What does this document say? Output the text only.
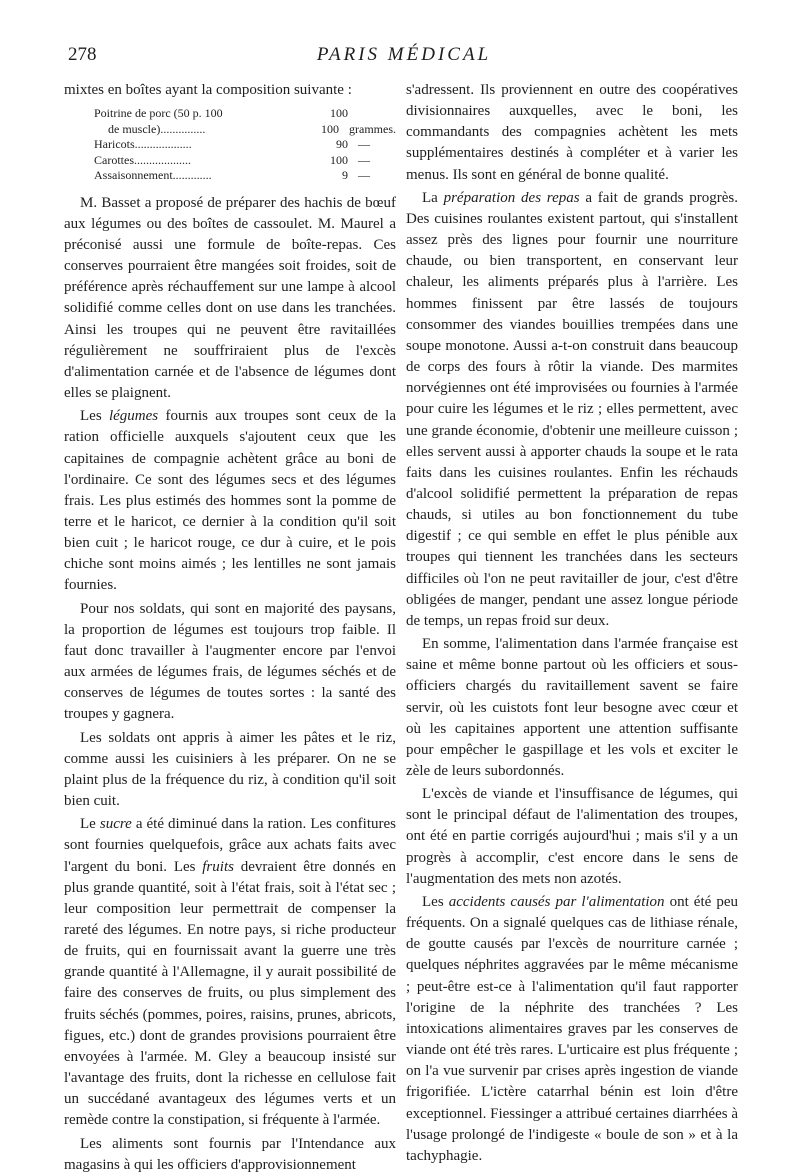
278	PARIS MÉDICAL

mixtes en boîtes ayant la composition suivante :

Poitrine de porc (50 p. 100	100
de muscle)...............	100 grammes.
Haricots...................	90 —
Carottes...................	100 —
Assaisonnement.............	9 —

M. Basset a proposé de préparer des hachis de bœuf aux légumes ou des boîtes de cassoulet. M. Maurel a préconisé aussi une formule de boîte-repas. Ces conserves pourraient être mangées soit froides, soit de préférence après réchauffement sur une lampe à alcool solidifié comme celles dont on use dans les tranchées. Ainsi les troupes qui ne peuvent être ravitaillées régulièrement ne souffriraient plus de l'excès d'alimentation carnée et de l'absence de légumes dont elles se plaignent.

Les légumes fournis aux troupes sont ceux de la ration officielle auxquels s'ajoutent ceux que les capitaines de compagnie achètent grâce au boni de l'ordinaire. Ce sont des légumes secs et des légumes frais. Les plus estimés des hommes sont la pomme de terre et le haricot, ce dernier à la condition qu'il soit bien cuit ; le haricot rouge, ce dur à cuire, et le pois chiche sont moins aimés ; les lentilles ne sont jamais fournies.

Pour nos soldats, qui sont en majorité des paysans, la proportion de légumes est toujours trop faible. Il faut donc travailler à l'augmenter encore par l'envoi aux armées de légumes frais, de légumes séchés et de conserves de légumes de toutes sortes : la santé des troupes y gagnera.

Les soldats ont appris à aimer les pâtes et le riz, comme aussi les cuisiniers à les préparer. On ne se plaint plus de la fréquence du riz, à condition qu'il soit bien cuit.

Le sucre a été diminué dans la ration. Les confitures sont fournies quelquefois, grâce aux achats faits avec l'argent du boni. Les fruits devraient être donnés en plus grande quantité, soit à l'état frais, soit à l'état sec ; leur composition leur permettrait de compenser la rareté des légumes. En notre pays, si riche producteur de fruits, qui en fournissait avant la guerre une très grande quantité à l'Allemagne, il y aurait possibilité de faire des conserves de fruits, ou plus simplement des fruits séchés (pommes, poires, raisins, prunes, abricots, figues, etc.) dont de grandes provisions pourraient être envoyées à l'armée. M. Gley a beaucoup insisté sur l'avantage des fruits, dont la richesse en cellulose fait un succédané avantageux des légumes verts et un remède contre la constipation, si fréquente à l'armée.

Les aliments sont fournis par l'Intendance aux magasins à qui les officiers d'approvisionnement

s'adressent. Ils proviennent en outre des coopératives divisionnaires auxquelles, avec le boni, les commandants des compagnies achètent les mets supplémentaires destinés à compléter et à varier les menus. Ils sont en général de bonne qualité.

La préparation des repas a fait de grands progrès. Des cuisines roulantes existent partout, qui s'installent assez près des lignes pour fournir une nourriture chaude, ou bien transportent, en conservant leur chaleur, les aliments préparés plus à l'arrière. Les hommes finissent par être lassés de toujours consommer des viandes bouillies trempées dans une soupe monotone. Aussi a-t-on construit dans beaucoup de corps des fours à rôtir la viande. Des marmites norvégiennes ont été improvisées ou fournies à l'armée pour cuire les légumes et le riz ; elles permettent, avec une grande économie, d'obtenir une meilleure cuisson ; elles servent aussi à apporter chauds la soupe et le rata faits dans les cuisines roulantes. Enfin les réchauds d'alcool solidifié permettent la préparation de repas chauds, si utiles au bon fonctionnement du tube digestif ; ce qui semble en effet le plus pénible aux troupes qui tiennent les tranchées dans les secteurs difficiles où l'on ne peut ravitailler de jour, c'est d'être obligées de manger, pendant une assez longue période de temps, un repas froid sur deux.

En somme, l'alimentation dans l'armée française est saine et même bonne partout où les officiers et sous-officiers chargés du ravitaillement savent se faire servir, où les cuistots font leur besogne avec cœur et où les capitaines apportent une attention suffisante pour empêcher le gaspillage et les vols et exciter le zèle de leurs subordonnés.

L'excès de viande et l'insuffisance de légumes, qui sont le principal défaut de l'alimentation des troupes, ont été en partie corrigés aujourd'hui ; mais s'il y a un progrès à accomplir, c'est encore dans le sens de l'augmentation des mets non azotés.

Les accidents causés par l'alimentation ont été peu fréquents. On a signalé quelques cas de lithiase rénale, de goutte causés par l'excès de nourriture carnée ; quelques néphrites aggravées par le même mécanisme ; peut-être est-ce à l'alimentation qu'il faut rapporter l'origine de la néphrite des tranchées ? Les intoxications alimentaires graves par les conserves de viande ont été très rares. L'urticaire est plus fréquente ; on l'a vue survenir par crises après ingestion de viande frigorifiée. L'ictère catarrhal bénin est loin d'être exceptionnel. Fiessinger a attribué certaines diarrhées à l'usage prolongé de l'indigeste « boule de son » et à la tachyphagie.
